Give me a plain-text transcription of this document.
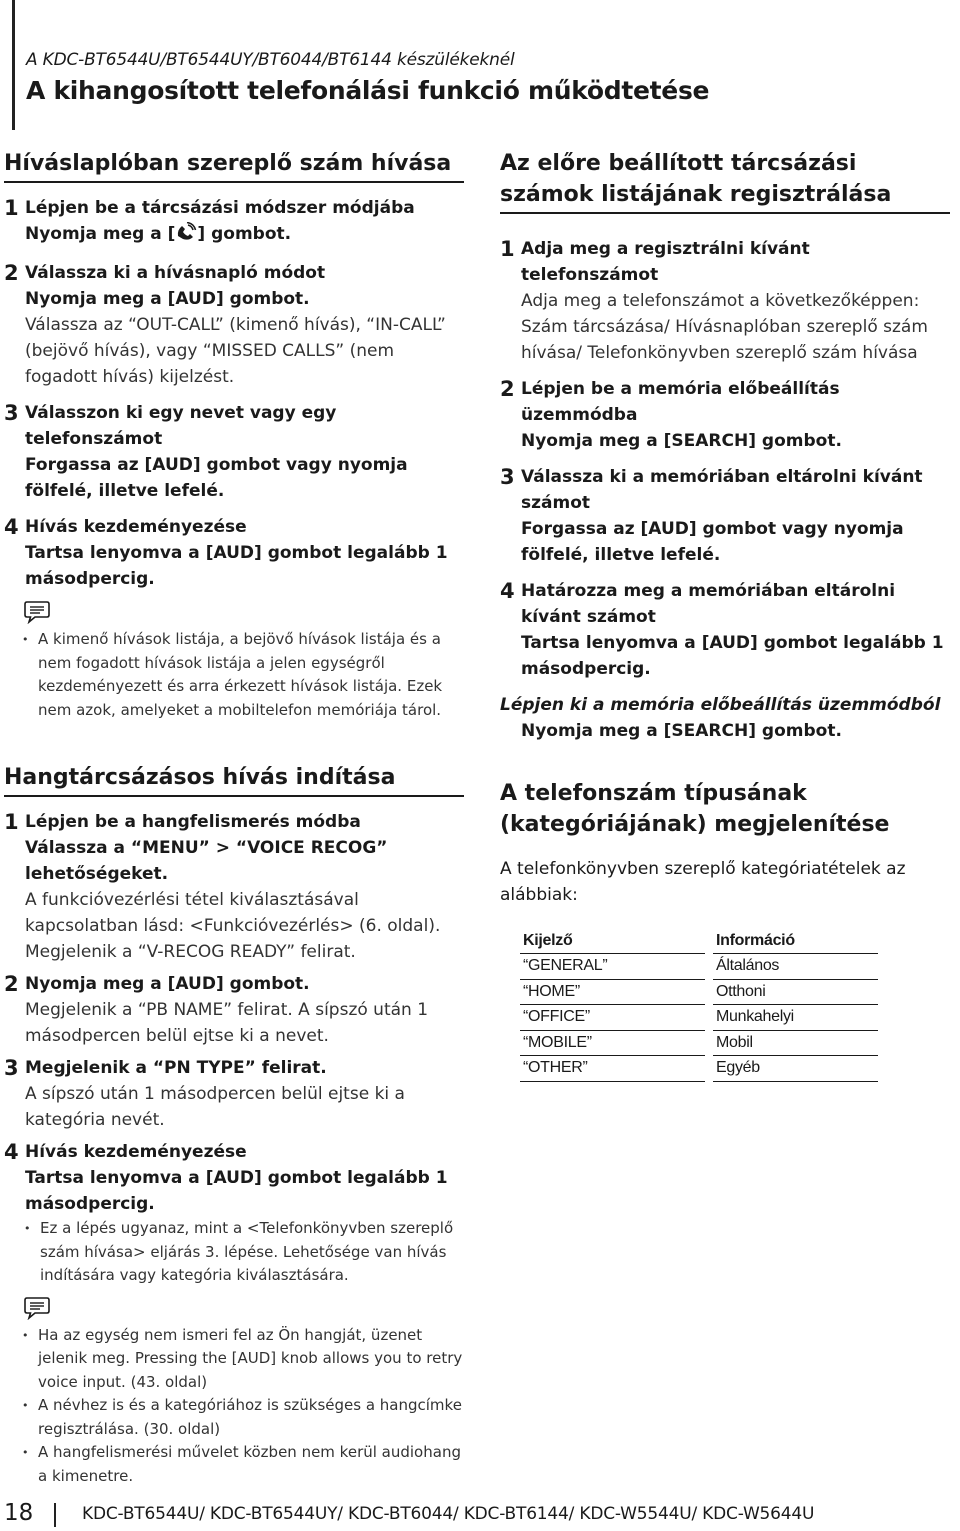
A KDC-BT6544U/BT6544UY/BT6044/BT6144 készülékeknél
A kihangosított telefonálási funkció működtetése
Híváslaplóban szereplő szám hívása
1 Lépjen be a tárcsázási módszer módjába
Nyomja meg a [ ] gombot.
2 Válassza ki a hívásnapló módot
Nyomja meg a [AUD] gombot.
Válassza az “OUT-CALL” (kimenő hívás), “IN-CALL” (bejövő hívás), vagy “MISSED CALLS” (nem fogadott hívás) kijelzést.
3 Válasszon ki egy nevet vagy egy telefonszámot
Forgassa az [AUD] gombot vagy nyomja fölfelé, illetve lefelé.
4 Hívás kezdeményezése
Tartsa lenyomva a [AUD] gombot legalább 1 másodpercig.
• A kimenő hívások listája, a bejövő hívások listája és a nem fogadott hívások listája a jelen egységről kezdeményezett és arra érkezett hívások listája. Ezek nem azok, amelyeket a mobiltelefon memóriája tárol.
Hangtárcsázásos hívás indítása
1 Lépjen be a hangfelismerés módba
Válassza a “MENU” > “VOICE RECOG” lehetőségeket.
A funkcióvezérlési tétel kiválasztásával kapcsolatban lásd: <Funkcióvezérlés> (6. oldal). Megjelenik a “V-RECOG READY” felirat.
2 Nyomja meg a [AUD] gombot.
Megjelenik a “PB NAME” felirat. A sípszó után 1 másodpercen belül ejtse ki a nevet.
3 Megjelenik a “PN TYPE” felirat.
A sípszó után 1 másodpercen belül ejtse ki a kategória nevét.
4 Hívás kezdeményezése
Tartsa lenyomva a [AUD] gombot legalább 1 másodpercig.
• Ez a lépés ugyanaz, mint a <Telefonkönyvben szereplő szám hívása> eljárás 3. lépése. Lehetősége van hívás indítására vagy kategória kiválasztására.
• Ha az egység nem ismeri fel az Ön hangját, üzenet jelenik meg. Pressing the [AUD] knob allows you to retry voice input. (43. oldal)
• A névhez is és a kategóriához is szükséges a hangcímke regisztrálása. (30. oldal)
• A hangfelismerési művelet közben nem kerül audiohang a kimenetre.
Az előre beállított tárcsázási számok listájának regisztrálása
1 Adja meg a regisztrálni kívánt telefonszámot
Adja meg a telefonszámot a következőképpen: Szám tárcsázása/ Hívásnaplóban szereplő szám hívása/ Telefonkönyvben szereplő szám hívása
2 Lépjen be a memória előbeállítás üzemmódba
Nyomja meg a [SEARCH] gombot.
3 Válassza ki a memóriában eltárolni kívánt számot
Forgassa az [AUD] gombot vagy nyomja fölfelé, illetve lefelé.
4 Határozza meg a memóriában eltárolni kívánt számot
Tartsa lenyomva a [AUD] gombot legalább 1 másodpercig.
Lépjen ki a memória előbeállítás üzemmódból
Nyomja meg a [SEARCH] gombot.
A telefonszám típusának (kategóriájának) megjelenítése
A telefonkönyvben szereplő kategóriatételek az alábbiak:
Kijelző		Információ
“GENERAL”		Általános
“HOME”		Otthoni
“OFFICE”		Munkahelyi
“MOBILE”		Mobil
“OTHER”		Egyéb
18	KDC-BT6544U/ KDC-BT6544UY/ KDC-BT6044/ KDC-BT6144/ KDC-W5544U/ KDC-W5644U
